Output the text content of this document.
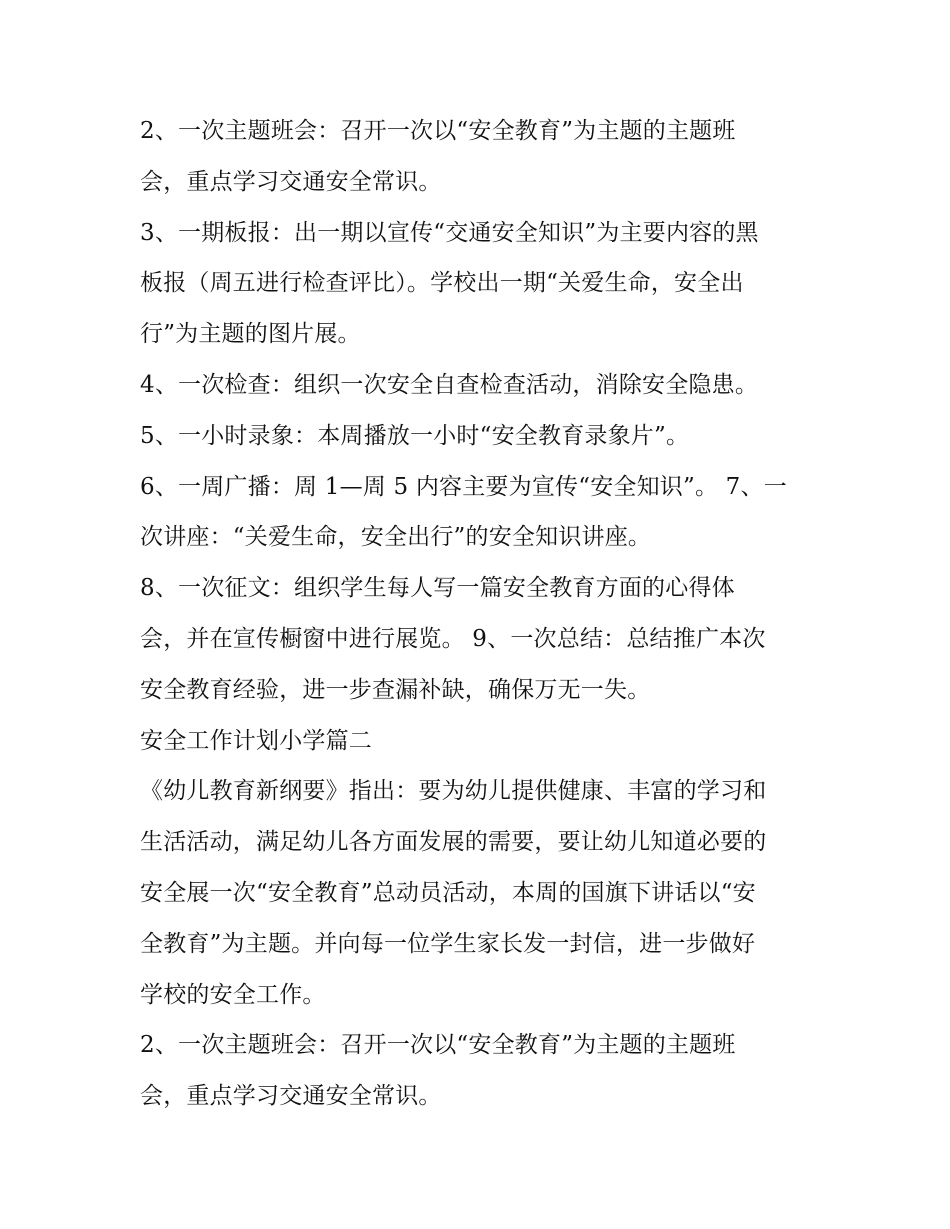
2、一次主题班会：召开一次以“安全教育”为主题的主题班
会，重点学习交通安全常识。
3、一期板报：出一期以宣传“交通安全知识”为主要内容的黑
板报（周五进行检查评比）。学校出一期“关爱生命，安全出
行”为主题的图片展。
4、一次检查：组织一次安全自查检查活动，消除安全隐患。
5、一小时录象：本周播放一小时“安全教育录象片”。
6、一周广播：周 1—周 5 内容主要为宣传“安全知识”。 7、一
次讲座：“关爱生命，安全出行”的安全知识讲座。
8、一次征文：组织学生每人写一篇安全教育方面的心得体
会，并在宣传橱窗中进行展览。 9、一次总结：总结推广本次
安全教育经验，进一步查漏补缺，确保万无一失。
安全工作计划小学篇二
《幼儿教育新纲要》指出：要为幼儿提供健康、丰富的学习和
生活活动，满足幼儿各方面发展的需要，要让幼儿知道必要的
安全展一次“安全教育”总动员活动，本周的国旗下讲话以“安
全教育”为主题。并向每一位学生家长发一封信，进一步做好
学校的安全工作。
2、一次主题班会：召开一次以“安全教育”为主题的主题班
会，重点学习交通安全常识。
